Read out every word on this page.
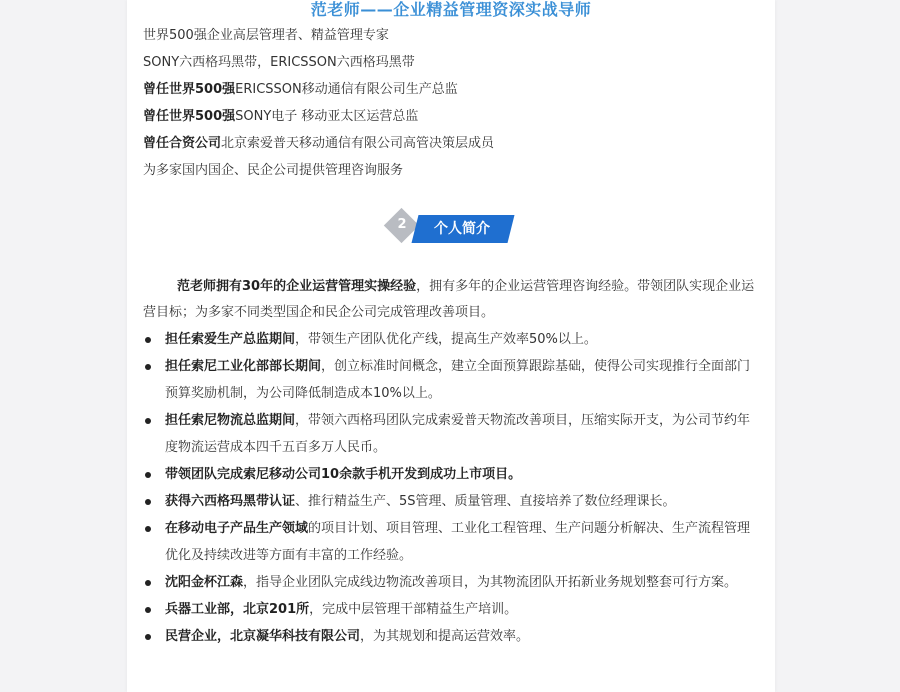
范老师——企业精益管理资深实战导师
世界500强企业高层管理者、精益管理专家
SONY六西格玛黑带，ERICSSON六西格玛黑带
曾任世界500强ERICSSON移动通信有限公司生产总监
曾任世界500强SONY电子 移动亚太区运营总监
曾任合资公司北京索爱普天移动通信有限公司高管决策层成员
为多家国内国企、民企公司提供管理咨询服务
2	个人简介
范老师拥有30年的企业运营管理实操经验，拥有多年的企业运营管理咨询经验。带领团队实现企业运营目标；为多家不同类型国企和民企公司完成管理改善项目。
担任索爱生产总监期间，带领生产团队优化产线，提高生产效率50%以上。
担任索尼工业化部部长期间，创立标准时间概念，建立全面预算跟踪基础，使得公司实现推行全面部门预算奖励机制，为公司降低制造成本10%以上。
担任索尼物流总监期间，带领六西格玛团队完成索爱普天物流改善项目，压缩实际开支，为公司节约年度物流运营成本四千五百多万人民币。
带领团队完成索尼移动公司10余款手机开发到成功上市项目。
获得六西格玛黑带认证、推行精益生产、5S管理、质量管理、直接培养了数位经理课长。
在移动电子产品生产领域的项目计划、项目管理、工业化工程管理、生产问题分析解决、生产流程管理优化及持续改进等方面有丰富的工作经验。
沈阳金杯江森，指导企业团队完成线边物流改善项目，为其物流团队开拓新业务规划整套可行方案。
兵器工业部，北京201所，完成中层管理干部精益生产培训。
民营企业，北京凝华科技有限公司，为其规划和提高运营效率。
